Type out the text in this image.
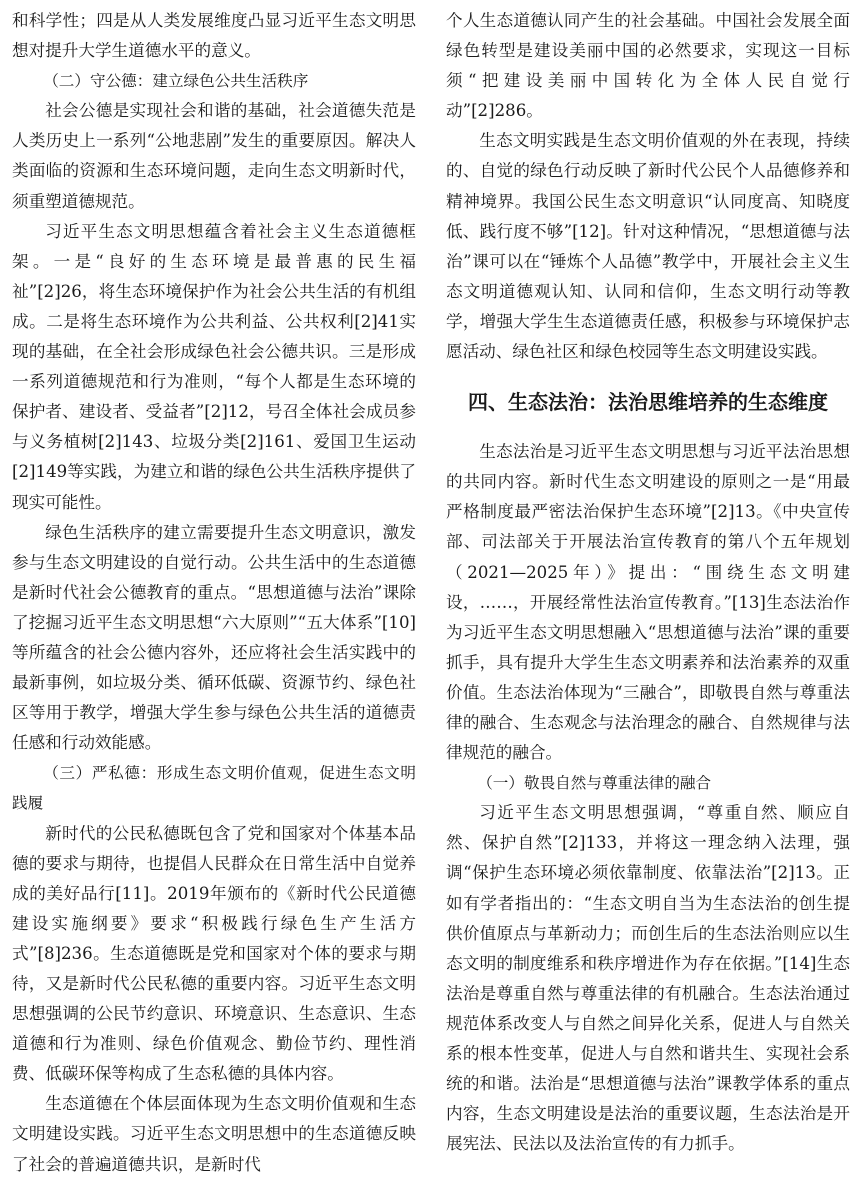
和科学性；四是从人类发展维度凸显习近平生态文明思想对提升大学生道德水平的意义。

（二）守公德：建立绿色公共生活秩序

社会公德是实现社会和谐的基础，社会道德失范是人类历史上一系列“公地悲剧”发生的重要原因。解决人类面临的资源和生态环境问题，走向生态文明新时代，须重塑道德规范。

习近平生态文明思想蕴含着社会主义生态道德框架。一是“良好的生态环境是最普惠的民生福祉”[2]26，将生态环境保护作为社会公共生活的有机组成。二是将生态环境作为公共利益、公共权利[2]41实现的基础，在全社会形成绿色社会公德共识。三是形成一系列道德规范和行为准则，“每个人都是生态环境的保护者、建设者、受益者”[2]12，号召全体社会成员参与义务植树[2]143、垃圾分类[2]161、爱国卫生运动[2]149等实践，为建立和谐的绿色公共生活秩序提供了现实可能性。

绿色生活秩序的建立需要提升生态文明意识，激发参与生态文明建设的自觉行动。公共生活中的生态道德是新时代社会公德教育的重点。“思想道德与法治”课除了挖掘习近平生态文明思想“六大原则”“五大体系”[10]等所蕴含的社会公德内容外，还应将社会生活实践中的最新事例，如垃圾分类、循环低碳、资源节约、绿色社区等用于教学，增强大学生参与绿色公共生活的道德责任感和行动效能感。

（三）严私德：形成生态文明价值观，促进生态文明践履

新时代的公民私德既包含了党和国家对个体基本品德的要求与期待，也提倡人民群众在日常生活中自觉养成的美好品行[11]。2019年颁布的《新时代公民道德建设实施纲要》要求“积极践行绿色生产生活方式”[8]236。生态道德既是党和国家对个体的要求与期待，又是新时代公民私德的重要内容。习近平生态文明思想强调的公民节约意识、环境意识、生态意识、生态道德和行为准则、绿色价值观念、勤俭节约、理性消费、低碳环保等构成了生态私德的具体内容。

生态道德在个体层面体现为生态文明价值观和生态文明建设实践。习近平生态文明思想中的生态道德反映了社会的普遍道德共识，是新时代

个人生态道德认同产生的社会基础。中国社会发展全面绿色转型是建设美丽中国的必然要求，实现这一目标须“把建设美丽中国转化为全体人民自觉行动”[2]286。

生态文明实践是生态文明价值观的外在表现，持续的、自觉的绿色行动反映了新时代公民个人品德修养和精神境界。我国公民生态文明意识“认同度高、知晓度低、践行度不够”[12]。针对这种情况，“思想道德与法治”课可以在“锤炼个人品德”教学中，开展社会主义生态文明道德观认知、认同和信仰，生态文明行动等教学，增强大学生生态道德责任感，积极参与环境保护志愿活动、绿色社区和绿色校园等生态文明建设实践。

四、生态法治：法治思维培养的生态维度

生态法治是习近平生态文明思想与习近平法治思想的共同内容。新时代生态文明建设的原则之一是“用最严格制度最严密法治保护生态环境”[2]13。《中央宣传部、司法部关于开展法治宣传教育的第八个五年规划（2021—2025年）》提出：“围绕生态文明建设，……，开展经常性法治宣传教育。”[13]生态法治作为习近平生态文明思想融入“思想道德与法治”课的重要抓手，具有提升大学生生态文明素养和法治素养的双重价值。生态法治体现为“三融合”，即敬畏自然与尊重法律的融合、生态观念与法治理念的融合、自然规律与法律规范的融合。

（一）敬畏自然与尊重法律的融合

习近平生态文明思想强调，“尊重自然、顺应自然、保护自然”[2]133，并将这一理念纳入法理，强调“保护生态环境必须依靠制度、依靠法治”[2]13。正如有学者指出的：“生态文明自当为生态法治的创生提供价值原点与革新动力；而创生后的生态法治则应以生态文明的制度维系和秩序增进作为存在依据。”[14]生态法治是尊重自然与尊重法律的有机融合。生态法治通过规范体系改变人与自然之间异化关系，促进人与自然关系的根本性变革，促进人与自然和谐共生、实现社会系统的和谐。法治是“思想道德与法治”课教学体系的重点内容，生态文明建设是法治的重要议题，生态法治是开展宪法、民法以及法治宣传的有力抓手。
